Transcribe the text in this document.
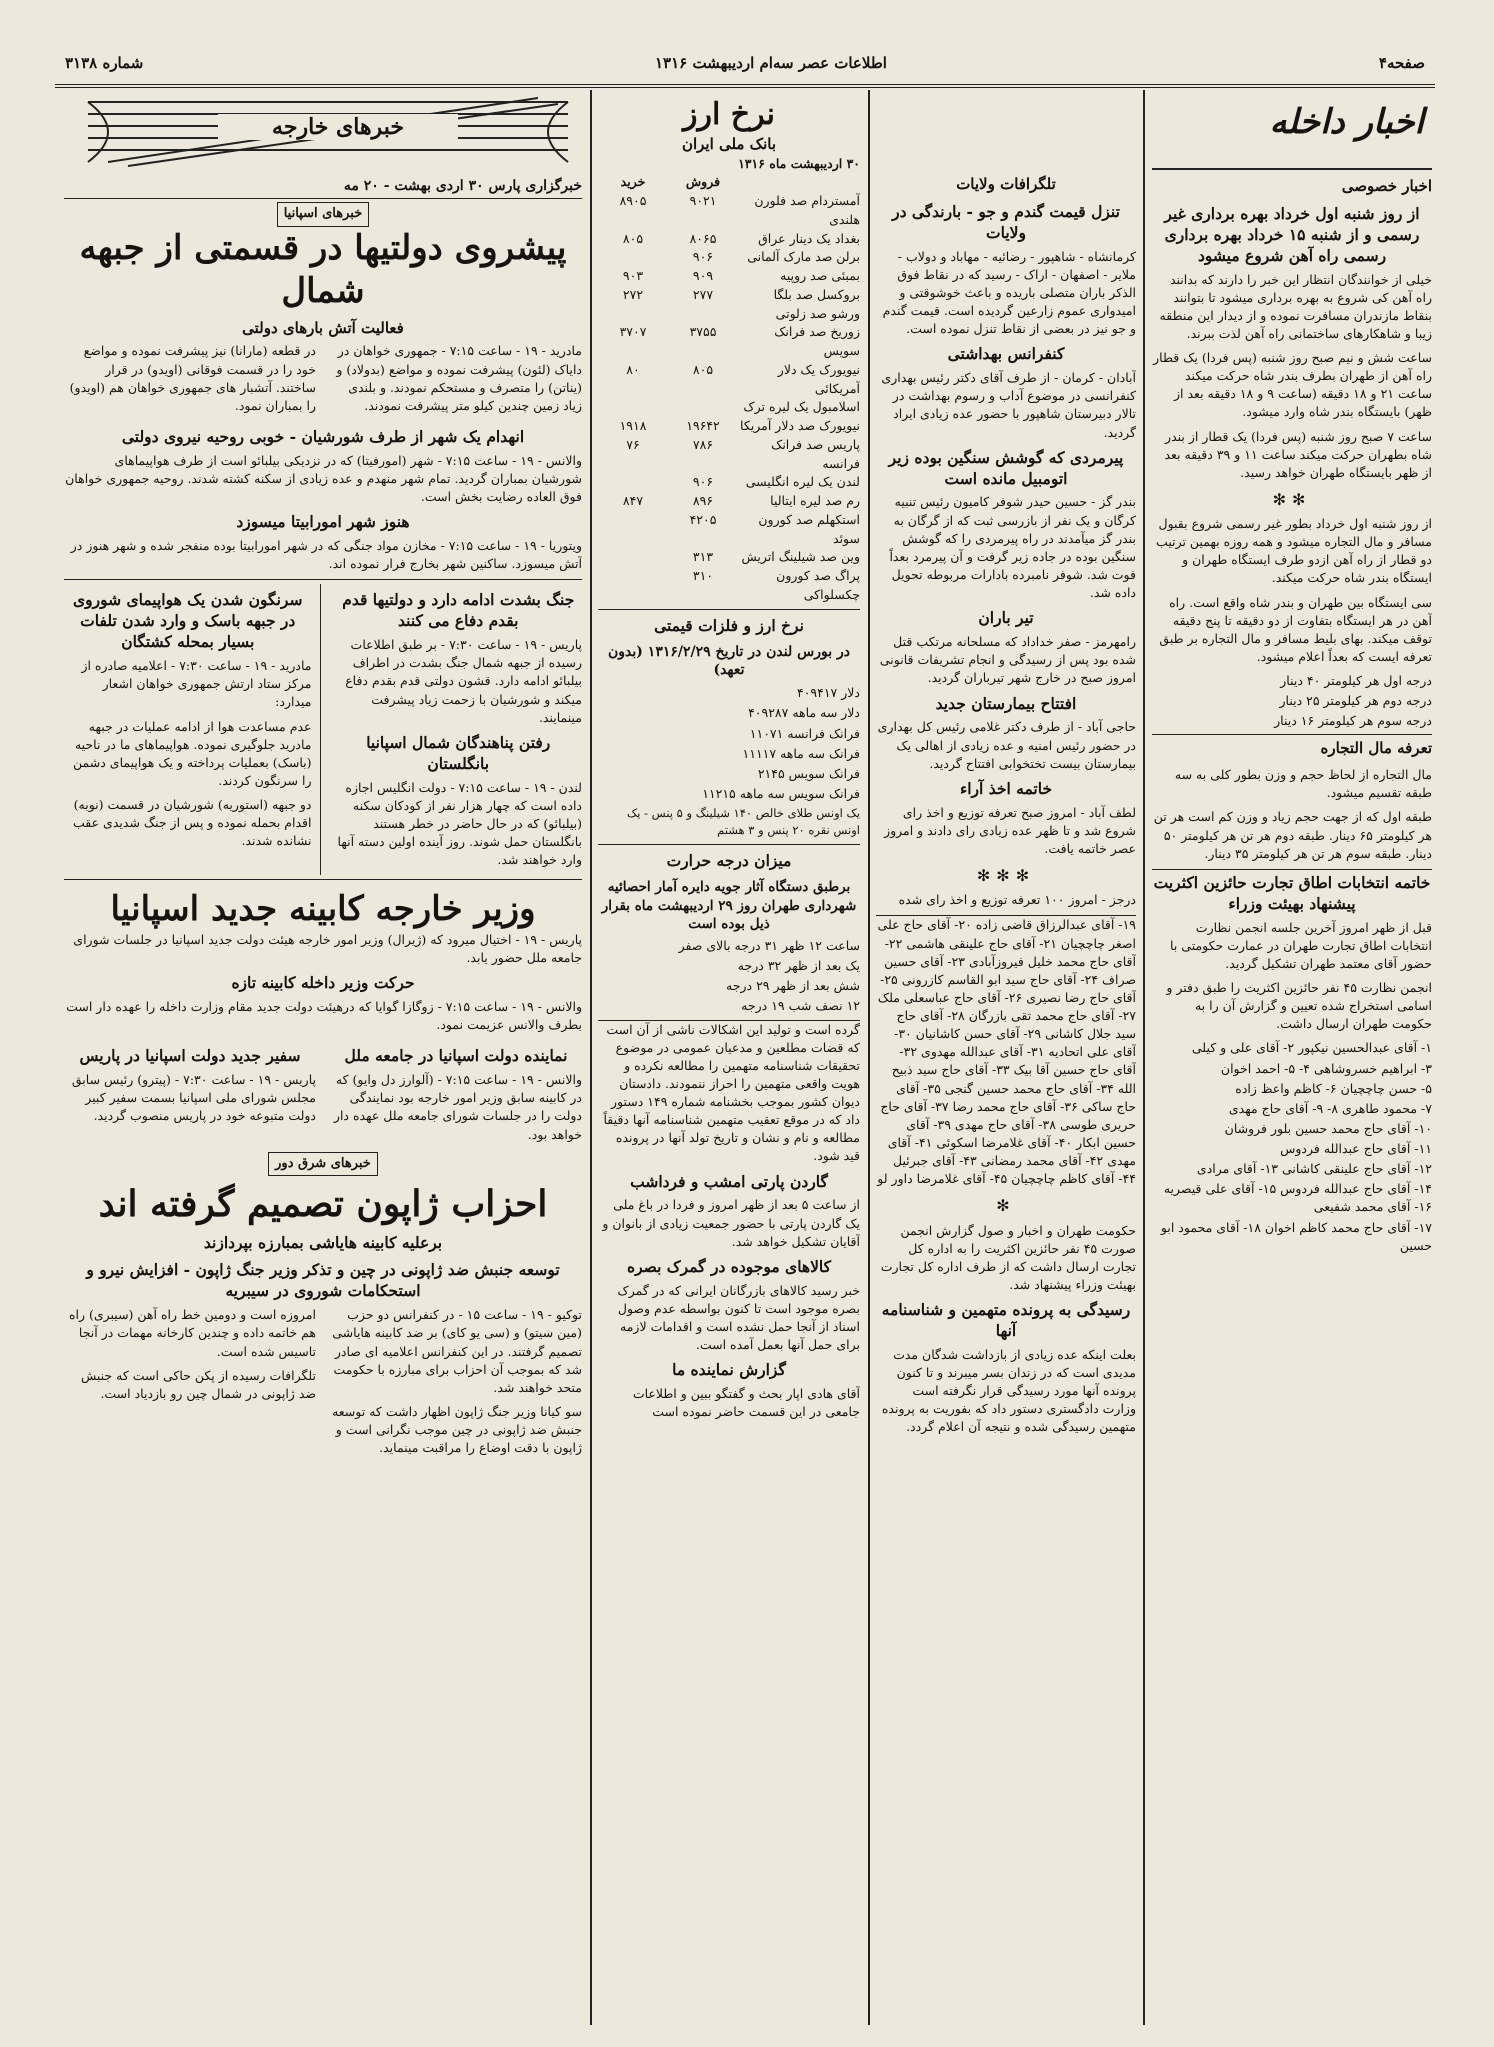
شماره ۳۱۳۸	اطلاعات عصر سه‌ام اردیبهشت ۱۳۱۶	صفحه۴
خبرهای خارجه
خبرگزاری پارس ۳۰ اردی بهشت - ۲۰ مه
خبرهای اسپانیا
پیشروی دولتیها در قسمتی از جبهه شمال
فعالیت آتش بارهای دولتی

مادرید - ۱۹ - ساعت ۷:۱۵ - جمهوری خواهان در دایاک (لئون) پیشرفت نموده و مواضع (بدولاد) و (یناتن) را متصرف و مستحکم نمودند. و بلندی زیاد زمین چندین کیلو متر پیشرفت نمودند.

در قطعه (مارانا) نیز پیشرفت نموده و مواضع خود را در قسمت فوقانی (اویدو) در قرار ساختند. آتشبار های جمهوری خواهان هم (اویدو) را بمباران نمود.

انهدام یک شهر از طرف شورشیان - خوبی روحیه نیروی دولتی

والانس - ۱۹ - ساعت ۷:۱۵ - شهر (امورفیتا) که در نزدیکی بیلبائو است از طرف هواپیماهای شورشیان بمباران گردید. تمام شهر منهدم و عده زیادی از سکنه کشته شدند. روحیه جمهوری خواهان فوق العاده رضایت بخش است.

هنوز شهر امورابیتا میسوزد

ویتوریا - ۱۹ - ساعت ۷:۱۵ - مخازن مواد جنگی که در شهر امورابیتا بوده منفجر شده و شهر هنوز در آتش میسوزد. ساکنین شهر بخارج فرار نموده اند.

جنگ بشدت ادامه دارد و دولتیها قدم بقدم دفاع می کنند

پاریس - ۱۹ - ساعت ۷:۳۰ - بر طبق اطلاعات رسیده از جبهه شمال جنگ بشدت در اطراف بیلبائو ادامه دارد. قشون دولتی قدم بقدم دفاع میکند و شورشیان با زحمت زیاد پیشرفت مینمایند.

رفتن پناهندگان شمال اسپانیا بانگلستان

لندن - ۱۹ - ساعت ۷:۱۵ - دولت انگلیس اجازه داده است که چهار هزار نفر از کودکان سکنه (بیلبائو) که در حال حاضر در خطر هستند بانگلستان حمل شوند. روز آینده اولین دسته آنها وارد خواهند شد.

سرنگون شدن یک هواپیمای شوروی در جبهه باسک و وارد شدن تلفات بسیار بمحله کشتگان

مادرید - ۱۹ - ساعت ۷:۳۰ - اعلامیه صادره از مرکز ستاد ارتش جمهوری خواهان اشعار میدارد:

عدم مساعدت هوا از ادامه عملیات در جبهه مادرید جلوگیری نموده. هواپیماهای ما در ناحیه (باسک) بعملیات پرداخته و یک هواپیمای دشمن را سرنگون کردند.

دو جبهه (استوریه) شورشیان در قسمت (نوبه) اقدام بحمله نموده و پس از جنگ شدیدی عقب نشانده شدند.

وزیر خارجه کابینه جدید اسپانیا

پاریس - ۱۹ - اختیال میرود که (ژیرال) وزیر امور خارجه هیئت دولت جدید اسپانیا در جلسات شورای جامعه ملل حضور یابد.

حرکت وزیر داخله کابینه تازه

والانس - ۱۹ - ساعت ۷:۱۵ - زوگازا گوایا که درهیئت دولت جدید مقام وزارت داخله را عهده دار است بطرف والانس عزیمت نمود.

نماینده دولت اسپانیا در جامعه ملل

والانس - ۱۹ - ساعت ۷:۱۵ - (آلوارز دل وایو) که در کابینه سابق وزیر امور خارجه بود نمایندگی دولت را در جلسات شورای جامعه ملل عهده دار خواهد بود.

سفیر جدید دولت اسپانیا در پاریس

پاریس - ۱۹ - ساعت ۷:۳۰ - (پیترو) رئیس سابق مجلس شورای ملی اسپانیا بسمت سفیر کبیر دولت متبوعه خود در پاریس منصوب گردید.

خبرهای شرق دور
احزاب ژاپون تصمیم گرفته اند
برعلیه کابینه هایاشی بمبارزه بپردازند
توسعه جنبش ضد ژاپونی در چین و تذکر وزیر جنگ ژاپون - افزایش نیرو و استحکامات شوروی در سیبریه

توکیو - ۱۹ - ساعت ۱۵ - در کنفرانس دو حزب (مین سیتو) و (سی یو کای) بر ضد کابینه هایاشی تصمیم گرفتند. در این کنفرانس اعلامیه ای صادر شد که بموجب آن احزاب برای مبارزه با حکومت متحد خواهند شد.

سو کیانا وزیر جنگ ژاپون اظهار داشت که توسعه جنبش ضد ژاپونی در چین موجب نگرانی است و ژاپون با دقت اوضاع را مراقبت مینماید.

امروزه است و دومین خط راه آهن (سیبری) راه هم خاتمه داده و چندین کارخانه مهمات در آنجا تاسیس شده است.

تلگرافات رسیده از پکن حاکی است که جنبش ضد ژاپونی در شمال چین رو بازدیاد است.

نرخ ارز
بانک ملی ایران
۳۰ اردیبهشت ماه ۱۳۱۶
فروش
خرید
آمستردام صد فلورن هلندی
۹۰۲۱
۸۹۰۵
بغداد یک دینار عراق
۸۰۶۵
۸۰۵
برلن صد مارک آلمانی
۹۰۶
بمبئی صد روپیه
۹۰۹
۹۰۳
بروکسل صد بلگا
۲۷۷
۲۷۲
ورشو صد زلوتی
زوریخ صد فرانک سویس
۳۷۵۵
۳۷۰۷
نیویورک یک دلار آمریکائی
۸۰۵
۸۰
اسلامبول یک لیره ترک
نیویورک صد دلار آمریکا
۱۹۶۴۲
۱۹۱۸
پاریس صد فرانک فرانسه
۷۸۶
۷۶
لندن یک لیره انگلیسی
۹۰۶
رم صد لیره ایتالیا
۸۹۶
۸۴۷
استکهلم صد کورون سوئد
۴۲۰۵
وین صد شیلینگ اتریش
۳۱۳
پراگ صد کورون چکسلواکی
۳۱۰
نرخ ارز و فلزات قیمتی
در بورس لندن در تاریخ ۱۳۱۶/۲/۲۹ (بدون تعهد)

دلار ۴۰۹۴۱۷

دلار سه ماهه ۴۰۹۲۸۷

فرانک فرانسه ۱۱۰۷۱

فرانک سه ماهه ۱۱۱۱۷

فرانک سویس ۲۱۴۵

فرانک سویس سه ماهه ۱۱۲۱۵

یک اونس طلای خالص ۱۴۰ شیلینگ و ۵ پنس - یک اونس نقره ۲۰ پنس و ۳ هشتم

میزان درجه حرارت
برطبق دستگاه آثار جویه دایره آمار احصائیه شهرداری طهران روز ۲۹ اردیبهشت ماه بقرار ذیل بوده است

ساعت ۱۲ ظهر ۳۱ درجه بالای صفر

یک بعد از ظهر ۳۲ درجه

شش بعد از ظهر ۲۹ درجه

۱۲ نصف شب ۱۹ درجه

گرده است و تولید این اشکالات ناشی از آن است که قضات مطلعین و مدعیان عمومی در موضوع تحقیقات شناسنامه متهمین را مطالعه نکرده و هویت واقعی متهمین را احراز ننمودند. دادستان دیوان کشور بموجب بخشنامه شماره ۱۴۹ دستور داد که در موقع تعقیب متهمین شناسنامه آنها دقیقاً مطالعه و نام و نشان و تاریخ تولد آنها در پرونده قید شود.

گاردن پارتی امشب و فرداشب

از ساعت ۵ بعد از ظهر امروز و فردا در باغ ملی یک گاردن پارتی با حضور جمعیت زیادی از بانوان و آقایان تشکیل خواهد شد.

کالاهای موجوده در گمرک بصره

خبر رسید کالاهای بازرگانان ایرانی که در گمرک بصره موجود است تا کنون بواسطه عدم وصول اسناد از آنجا حمل نشده است و اقدامات لازمه برای حمل آنها بعمل آمده است.

گزارش نماینده ما

آقای هادی اپار بحث و گفتگو ببین و اطلاعات جامعی در این قسمت حاضر نموده است

تلگرافات ولایات
تنزل قیمت گندم و جو - بارندگی در ولایات

کرمانشاه - شاهپور - رضائیه - مهاباد و دولاب - ملایر - اصفهان - اراک - رسید که در نقاط فوق الذکر باران متصلی باریده و باعث خوشوقتی و امیدواری عموم زارعین گردیده است. قیمت گندم و جو نیز در بعضی از نقاط تنزل نموده است.

کنفرانس بهداشتی

آبادان - کرمان - از طرف آقای دکتر رئیس بهداری کنفرانسی در موضوع آداب و رسوم بهداشت در تالار دبیرستان شاهپور با حضور عده زیادی ایراد گردید.

پیرمردی که گوشش سنگین بوده زیر اتومبیل مانده است

بندر گز - حسین حیدر شوفر کامیون رئیس تنبیه کرگان و یک نفر از بازرسی ثبت که از گرگان به بندر گز میآمدند در راه پیرمردی را که گوشش سنگین بوده در جاده زیر گرفت و آن پیرمرد بعداً فوت شد. شوفر نامبرده بادارات مربوطه تحویل داده شد.

تیر باران

رامهرمز - صفر خداداد که مسلحانه مرتکب قتل شده بود پس از رسیدگی و انجام تشریفات قانونی امروز صبح در خارج شهر تیرباران گردید.

افتتاح بیمارستان جدید

حاجی آباد - از طرف دکتر غلامی رئیس کل بهداری در حضور رئیس امنیه و عده زیادی از اهالی یک بیمارستان بیست تختخوابی افتتاح گردید.

خاتمه اخذ آراء

لطف آباد - امروز صبح تعرفه توزیع و اخذ رای شروع شد و تا ظهر عده زیادی رای دادند و امروز عصر خاتمه یافت.

✻✻✻

درجز - امروز ۱۰۰ تعرفه توزیع و اخذ رای شده

۱۹- آقای عبدالرزاق قاضی زاده ۲۰- آقای حاج علی اصغر چاچچیان ۲۱- آقای حاج علینقی هاشمی ۲۲- آقای حاج محمد خلیل فیروزآبادی ۲۳- آقای حسین صراف ۲۴- آقای حاج سید ابو القاسم کازرونی ۲۵- آقای حاج رضا نصیری ۲۶- آقای حاج عباسعلی ملک ۲۷- آقای حاج محمد تقی بازرگان ۲۸- آقای حاج سید جلال کاشانی ۲۹- آقای حسن کاشانیان ۳۰- آقای علی اتحادیه ۳۱- آقای عبدالله مهدوی ۳۲- آقای حاج حسین آقا بیک ۳۳- آقای حاج سید ذبیح الله ۳۴- آقای حاج محمد حسین گنجی ۳۵- آقای حاج ساکی ۳۶- آقای حاج محمد رضا ۳۷- آقای حاج حریری طوسی ۳۸- آقای حاج مهدی ۳۹- آقای حسین ابکار ۴۰- آقای غلامرضا اسکوئی ۴۱- آقای مهدی ۴۲- آقای محمد رمضانی ۴۳- آقای جبرئیل ۴۴- آقای کاظم چاچچیان ۴۵- آقای غلامرضا داور لو

✻

حکومت طهران و اخبار و صول گزارش انجمن صورت ۴۵ نفر حائزین اکثریت را به اداره کل تجارت ارسال داشت که از طرف اداره کل تجارت بهیئت وزراء پیشنهاد شد.

رسیدگی به پرونده متهمین و شناسنامه آنها

بعلت اینکه عده زیادی از بازداشت شدگان مدت مدیدی است که در زندان بسر میبرند و تا کنون پرونده آنها مورد رسیدگی قرار نگرفته است وزارت دادگستری دستور داد که بفوریت به پرونده متهمین رسیدگی شده و نتیجه آن اعلام گردد.

اخبار داخله
اخبار خصوصی
از روز شنبه اول خرداد بهره برداری غیر رسمی و از شنبه ۱۵ خرداد بهره برداری رسمی راه آهن شروع میشود

خیلی از خوانندگان انتظار این خبر را دارند که بدانند راه آهن کی شروع به بهره برداری میشود تا بتوانند بنقاط مازندران مسافرت نموده و از دیدار این منطقه زیبا و شاهکارهای ساختمانی راه آهن لذت ببرند.

ساعت شش و نیم صبح روز شنبه (پس فردا) یک قطار راه آهن از طهران بطرف بندر شاه حرکت میکند ساعت ۲۱ و ۱۸ دقیقه (ساعت ۹ و ۱۸ دقیقه بعد از ظهر) بایستگاه بندر شاه وارد میشود.

ساعت ۷ صبح روز شنبه (پس فردا) یک قطار از بندر شاه بطهران حرکت میکند ساعت ۱۱ و ۳۹ دقیقه بعد از ظهر بایستگاه طهران خواهد رسید.

✻✻

از روز شنبه اول خرداد بطور غیر رسمی شروع بقبول مسافر و مال التجاره میشود و همه روزه بهمین ترتیب دو قطار از راه آهن ازدو طرف ایستگاه طهران و ایستگاه بندر شاه حرکت میکند.

سی ایستگاه بین طهران و بندر شاه واقع است. راه آهن در هر ایستگاه بتفاوت از دو دقیقه تا پنج دقیقه توقف میکند. بهای بلیط مسافر و مال التجاره بر طبق تعرفه ایست که بعداً اعلام میشود.

درجه اول هر کیلومتر ۴۰ دینار

درجه دوم هر کیلومتر ۲۵ دینار

درجه سوم هر کیلومتر ۱۶ دینار

تعرفه مال التجاره

مال التجاره از لحاظ حجم و وزن بطور کلی به سه طبقه تقسیم میشود.

طبقه اول که از جهت حجم زیاد و وزن کم است هر تن هر کیلومتر ۶۵ دینار. طبقه دوم هر تن هر کیلومتر ۵۰ دینار. طبقه سوم هر تن هر کیلومتر ۳۵ دینار.

خاتمه انتخابات اطاق تجارت حائزین اکثریت پیشنهاد بهیئت وزراء

قبل از ظهر امروز آخرین جلسه انجمن نظارت انتخابات اطاق تجارت طهران در عمارت حکومتی با حضور آقای معتمد طهران تشکیل گردید.

انجمن نظارت ۴۵ نفر حائزین اکثریت را طبق دفتر و اسامی استخراج شده تعیین و گزارش آن را به حکومت طهران ارسال داشت.

۱- آقای عبدالحسین نیکپور ۲- آقای علی و کیلی

۳- ابراهیم خسروشاهی ۴- ۵- احمد اخوان

۵- حسن چاچچیان ۶- کاظم واعظ زاده

۷- محمود طاهری ۸- ۹- آقای حاج مهدی

۱۰- آقای حاج محمد حسین بلور فروشان

۱۱- آقای حاج عبدالله فردوس

۱۲- آقای حاج علینقی کاشانی ۱۳- آقای مرادی

۱۴- آقای حاج عبدالله فردوس ۱۵- آقای علی قیصریه ۱۶- آقای محمد شفیعی

۱۷- آقای حاج محمد کاظم اخوان ۱۸- آقای محمود ابو حسین
